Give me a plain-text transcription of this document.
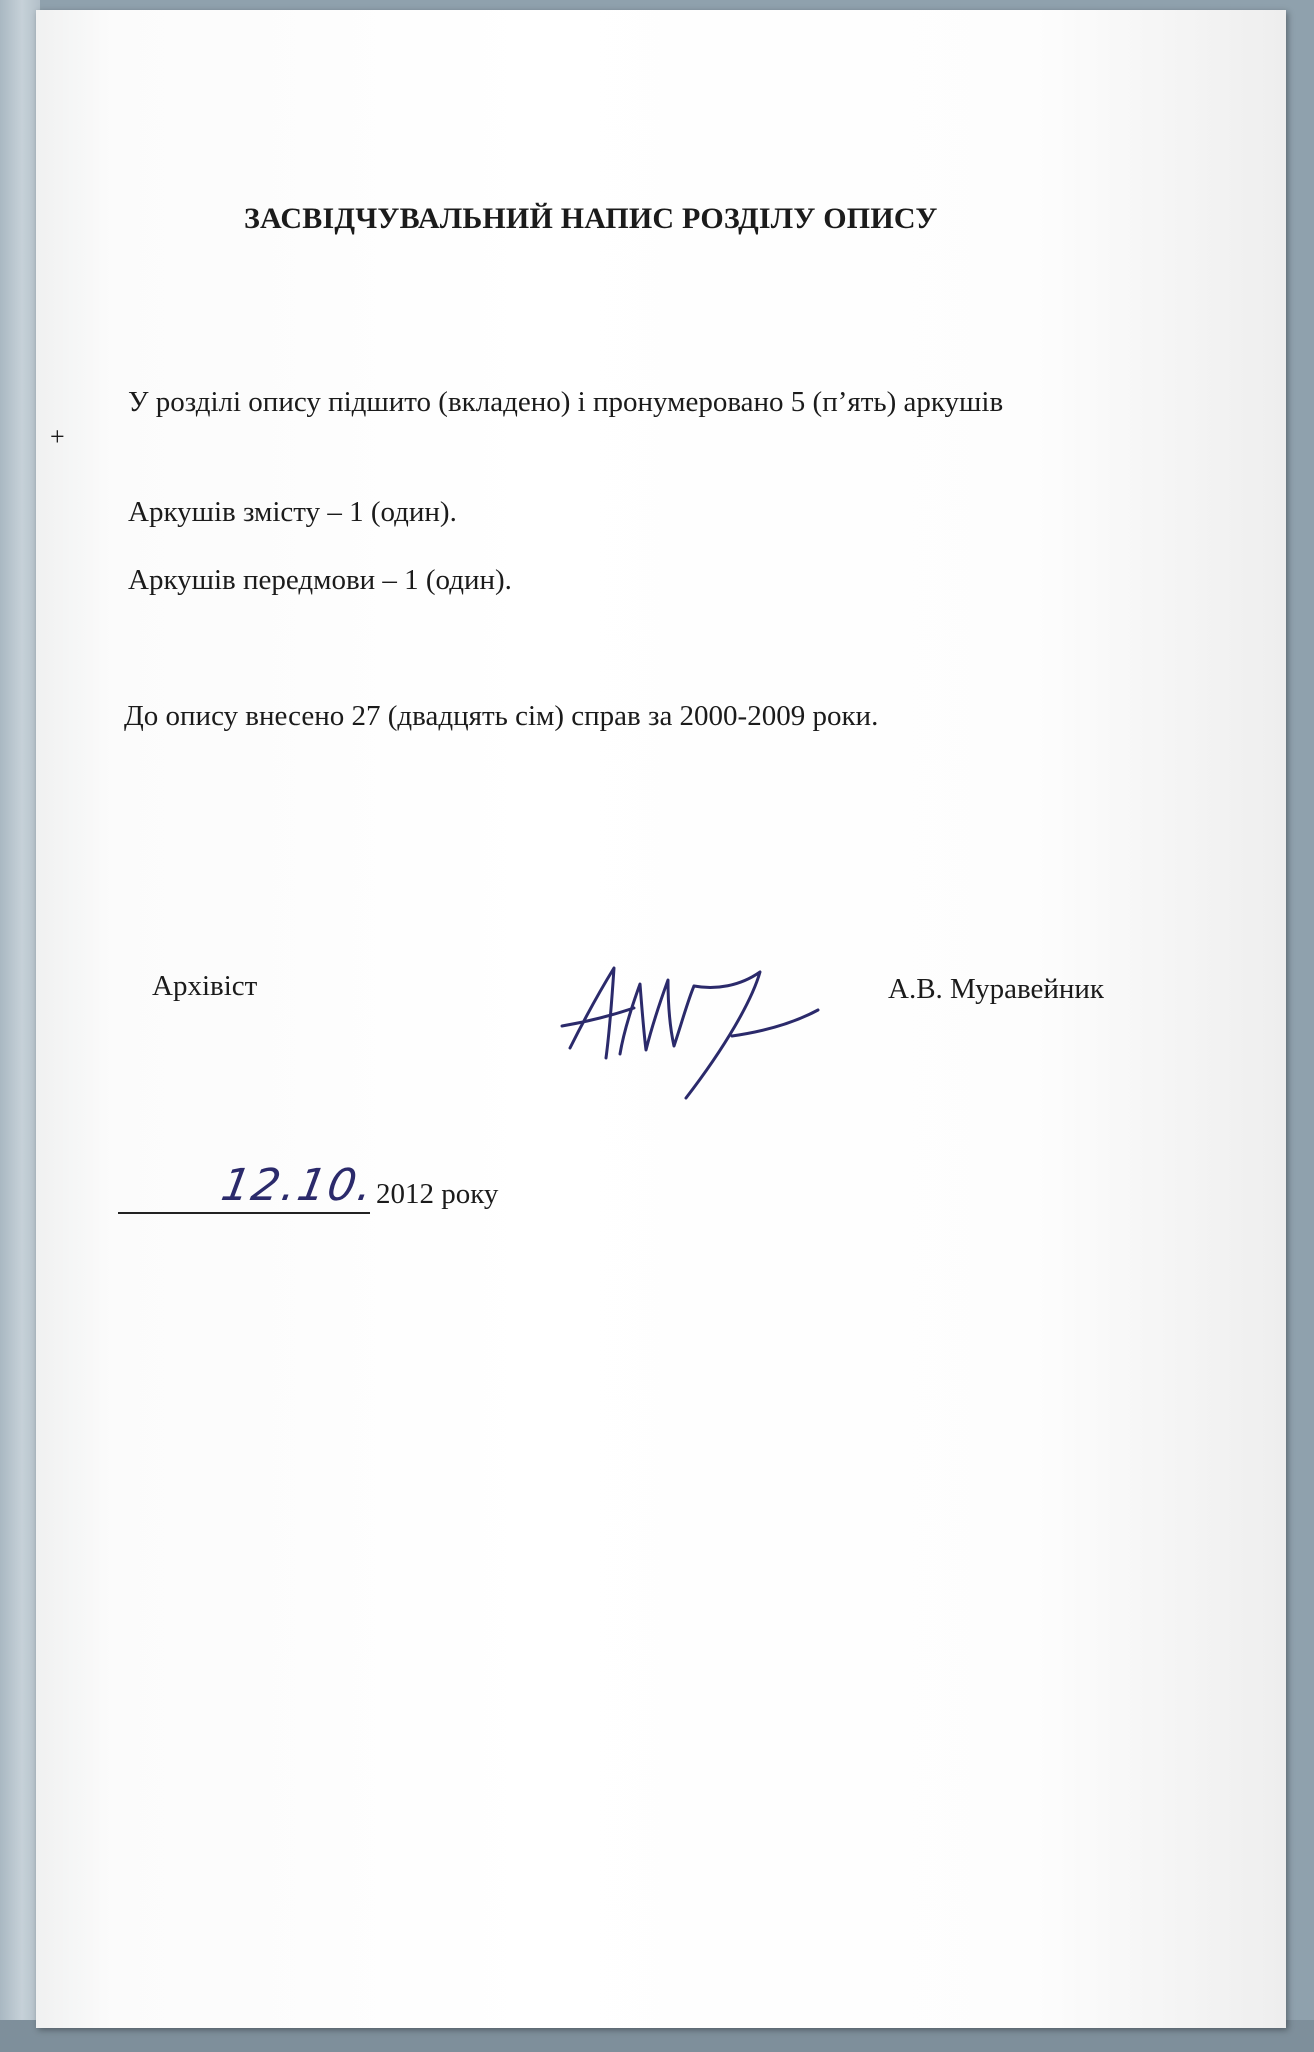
ЗАСВІДЧУВАЛЬНИЙ НАПИС РОЗДІЛУ ОПИСУ
+
У розділі опису підшито (вкладено) і пронумеровано 5 (п’ять) аркушів
Аркушів змісту – 1 (один).
Аркушів передмови – 1 (один).
До опису внесено 27 (двадцять сім) справ за 2000-2009 роки.
Архівіст	А.В. Муравейник
12.10.
2012 року
